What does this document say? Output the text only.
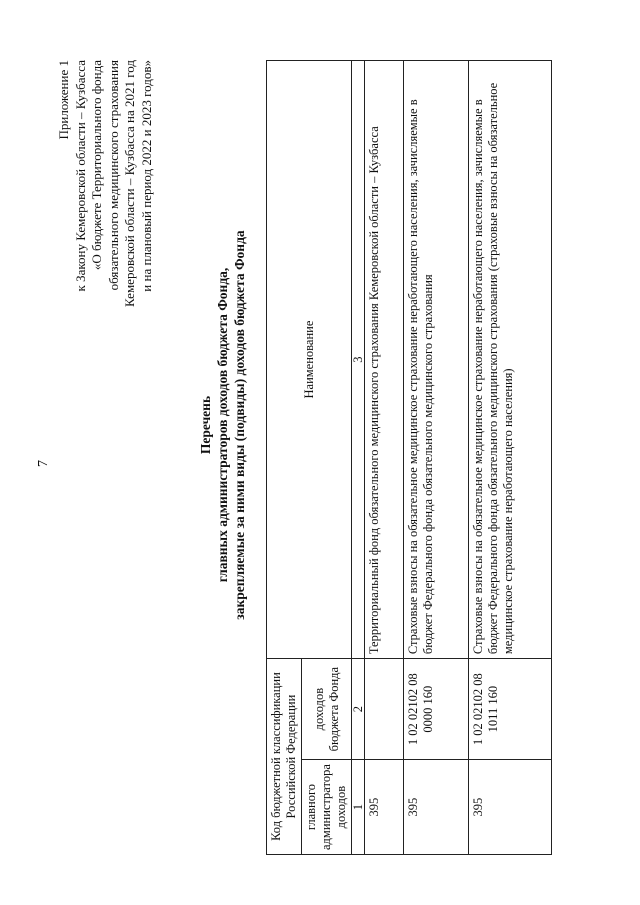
7
Приложение 1 к Закону Кемеровской области – Кузбасса «О бюджете Территориального фонда обязательного медицинского страхования Кемеровской области – Кузбасса на 2021 год и на плановый период 2022 и 2023 годов»
Перечень главных администраторов доходов бюджета Фонда, закрепляемые за ними виды (подвиды) доходов бюджета Фонда
Код бюджетной классификации Российской Федерации		Наименование
главного администратора доходов	доходов бюджета Фонда	
1	2	3
395		Территориальный фонд обязательного медицинского страхования Кемеровской области – Кузбасса
395	1 02 02102 08 0000 160	Страховые взносы на обязательное медицинское страхование неработающего населения, зачисляемые в бюджет Федерального фонда обязательного медицинского страхования
395	1 02 02102 08 1011 160	Страховые взносы на обязательное медицинское страхование неработающего населения, зачисляемые в бюджет Федерального фонда обязательного медицинского страхования (страховые взносы на обязательное медицинское страхование неработающего населения)
